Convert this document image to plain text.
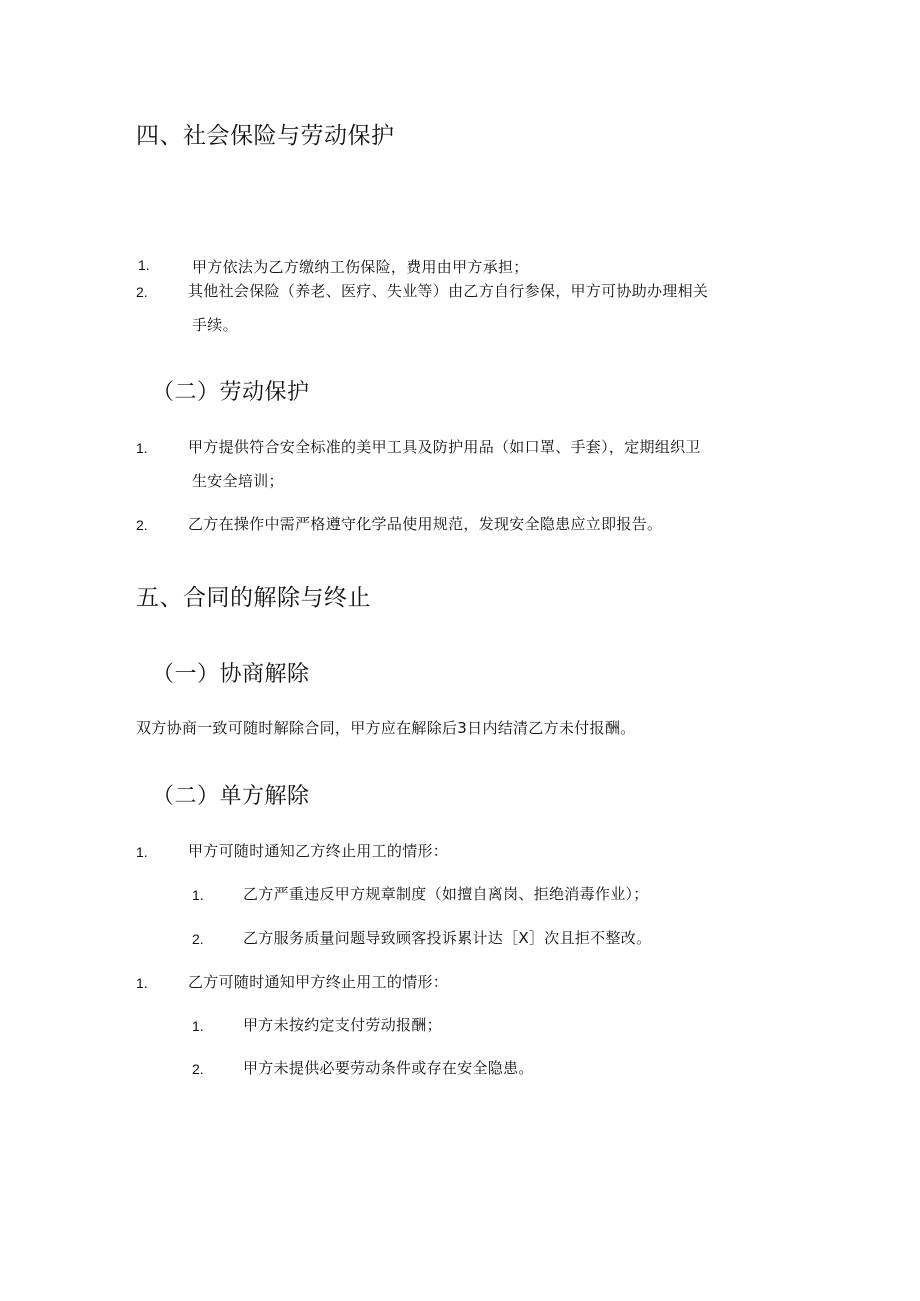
四、社会保险与劳动保护
1.	甲方依法为乙方缴纳工伤保险，费用由甲方承担；
2.	其他社会保险（养老、医疗、失业等）由乙方自行参保，甲方可协助办理相关
手续。
（二）劳动保护
1.	甲方提供符合安全标准的美甲工具及防护用品（如口罩、手套），定期组织卫
生安全培训；
2.	乙方在操作中需严格遵守化学品使用规范，发现安全隐患应立即报告。
五、合同的解除与终止
（一）协商解除
双方协商一致可随时解除合同，甲方应在解除后3日内结清乙方未付报酬。
（二）单方解除
1.	甲方可随时通知乙方终止用工的情形：
1.	乙方严重违反甲方规章制度（如擅自离岗、拒绝消毒作业）；
2.	乙方服务质量问题导致顾客投诉累计达［X］次且拒不整改。
1.	乙方可随时通知甲方终止用工的情形：
1.	甲方未按约定支付劳动报酬；
2.	甲方未提供必要劳动条件或存在安全隐患。
